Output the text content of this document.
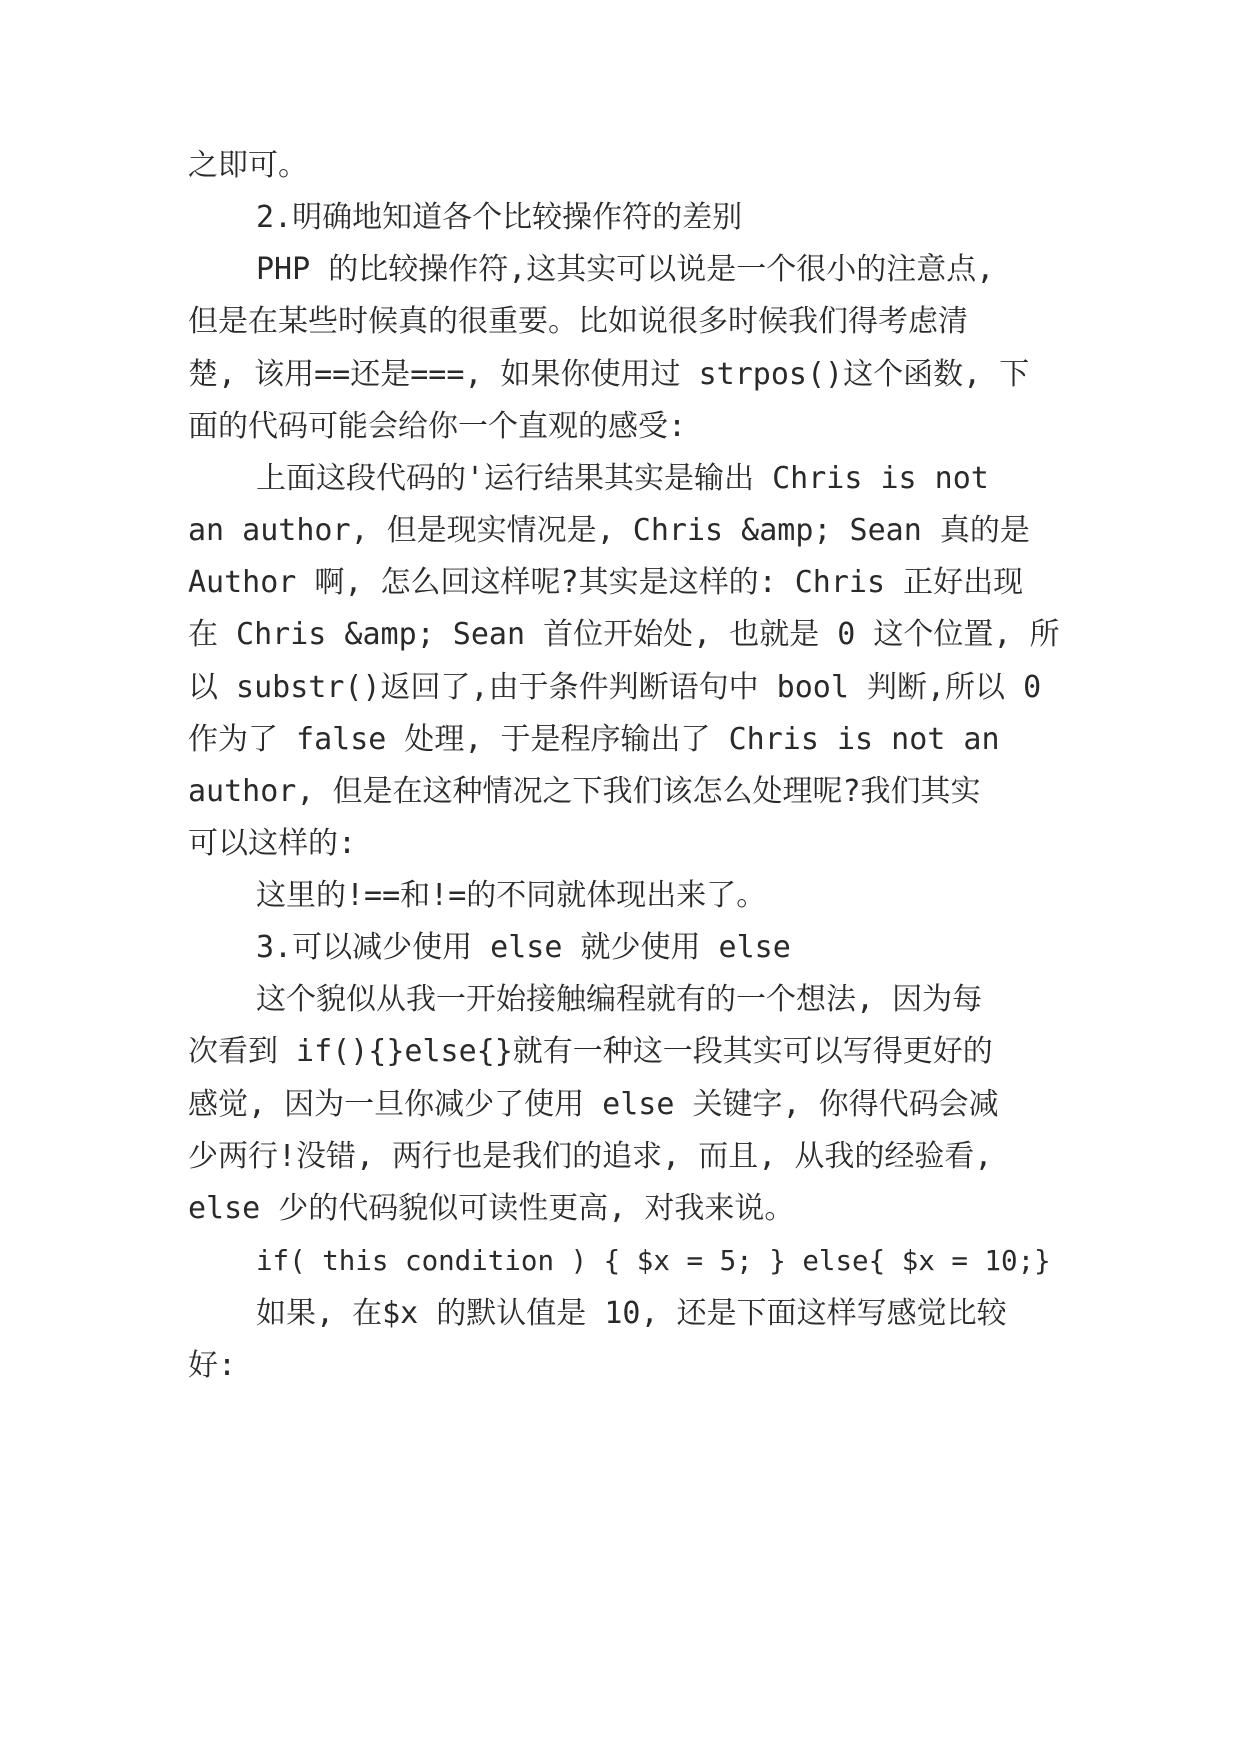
之即可。
2.明确地知道各个比较操作符的差别
PHP 的比较操作符,这其实可以说是一个很小的注意点,
但是在某些时候真的很重要。比如说很多时候我们得考虑清
楚, 该用==还是===, 如果你使用过 strpos()这个函数, 下
面的代码可能会给你一个直观的感受:
上面这段代码的'运行结果其实是输出 Chris is not
an author, 但是现实情况是, Chris &amp; Sean 真的是
Author 啊, 怎么回这样呢?其实是这样的: Chris 正好出现
在 Chris &amp; Sean 首位开始处, 也就是 0 这个位置, 所
以 substr()返回了,由于条件判断语句中 bool 判断,所以 0
作为了 false 处理, 于是程序输出了 Chris is not an
author, 但是在这种情况之下我们该怎么处理呢?我们其实
可以这样的:
这里的!==和!=的不同就体现出来了。
3.可以减少使用 else 就少使用 else
这个貌似从我一开始接触编程就有的一个想法, 因为每
次看到 if(){}else{}就有一种这一段其实可以写得更好的
感觉, 因为一旦你减少了使用 else 关键字, 你得代码会减
少两行!没错, 两行也是我们的追求, 而且, 从我的经验看,
else 少的代码貌似可读性更高, 对我来说。
if( this condition ) { $x = 5; } else{ $x = 10;}
如果, 在$x 的默认值是 10, 还是下面这样写感觉比较
好:
